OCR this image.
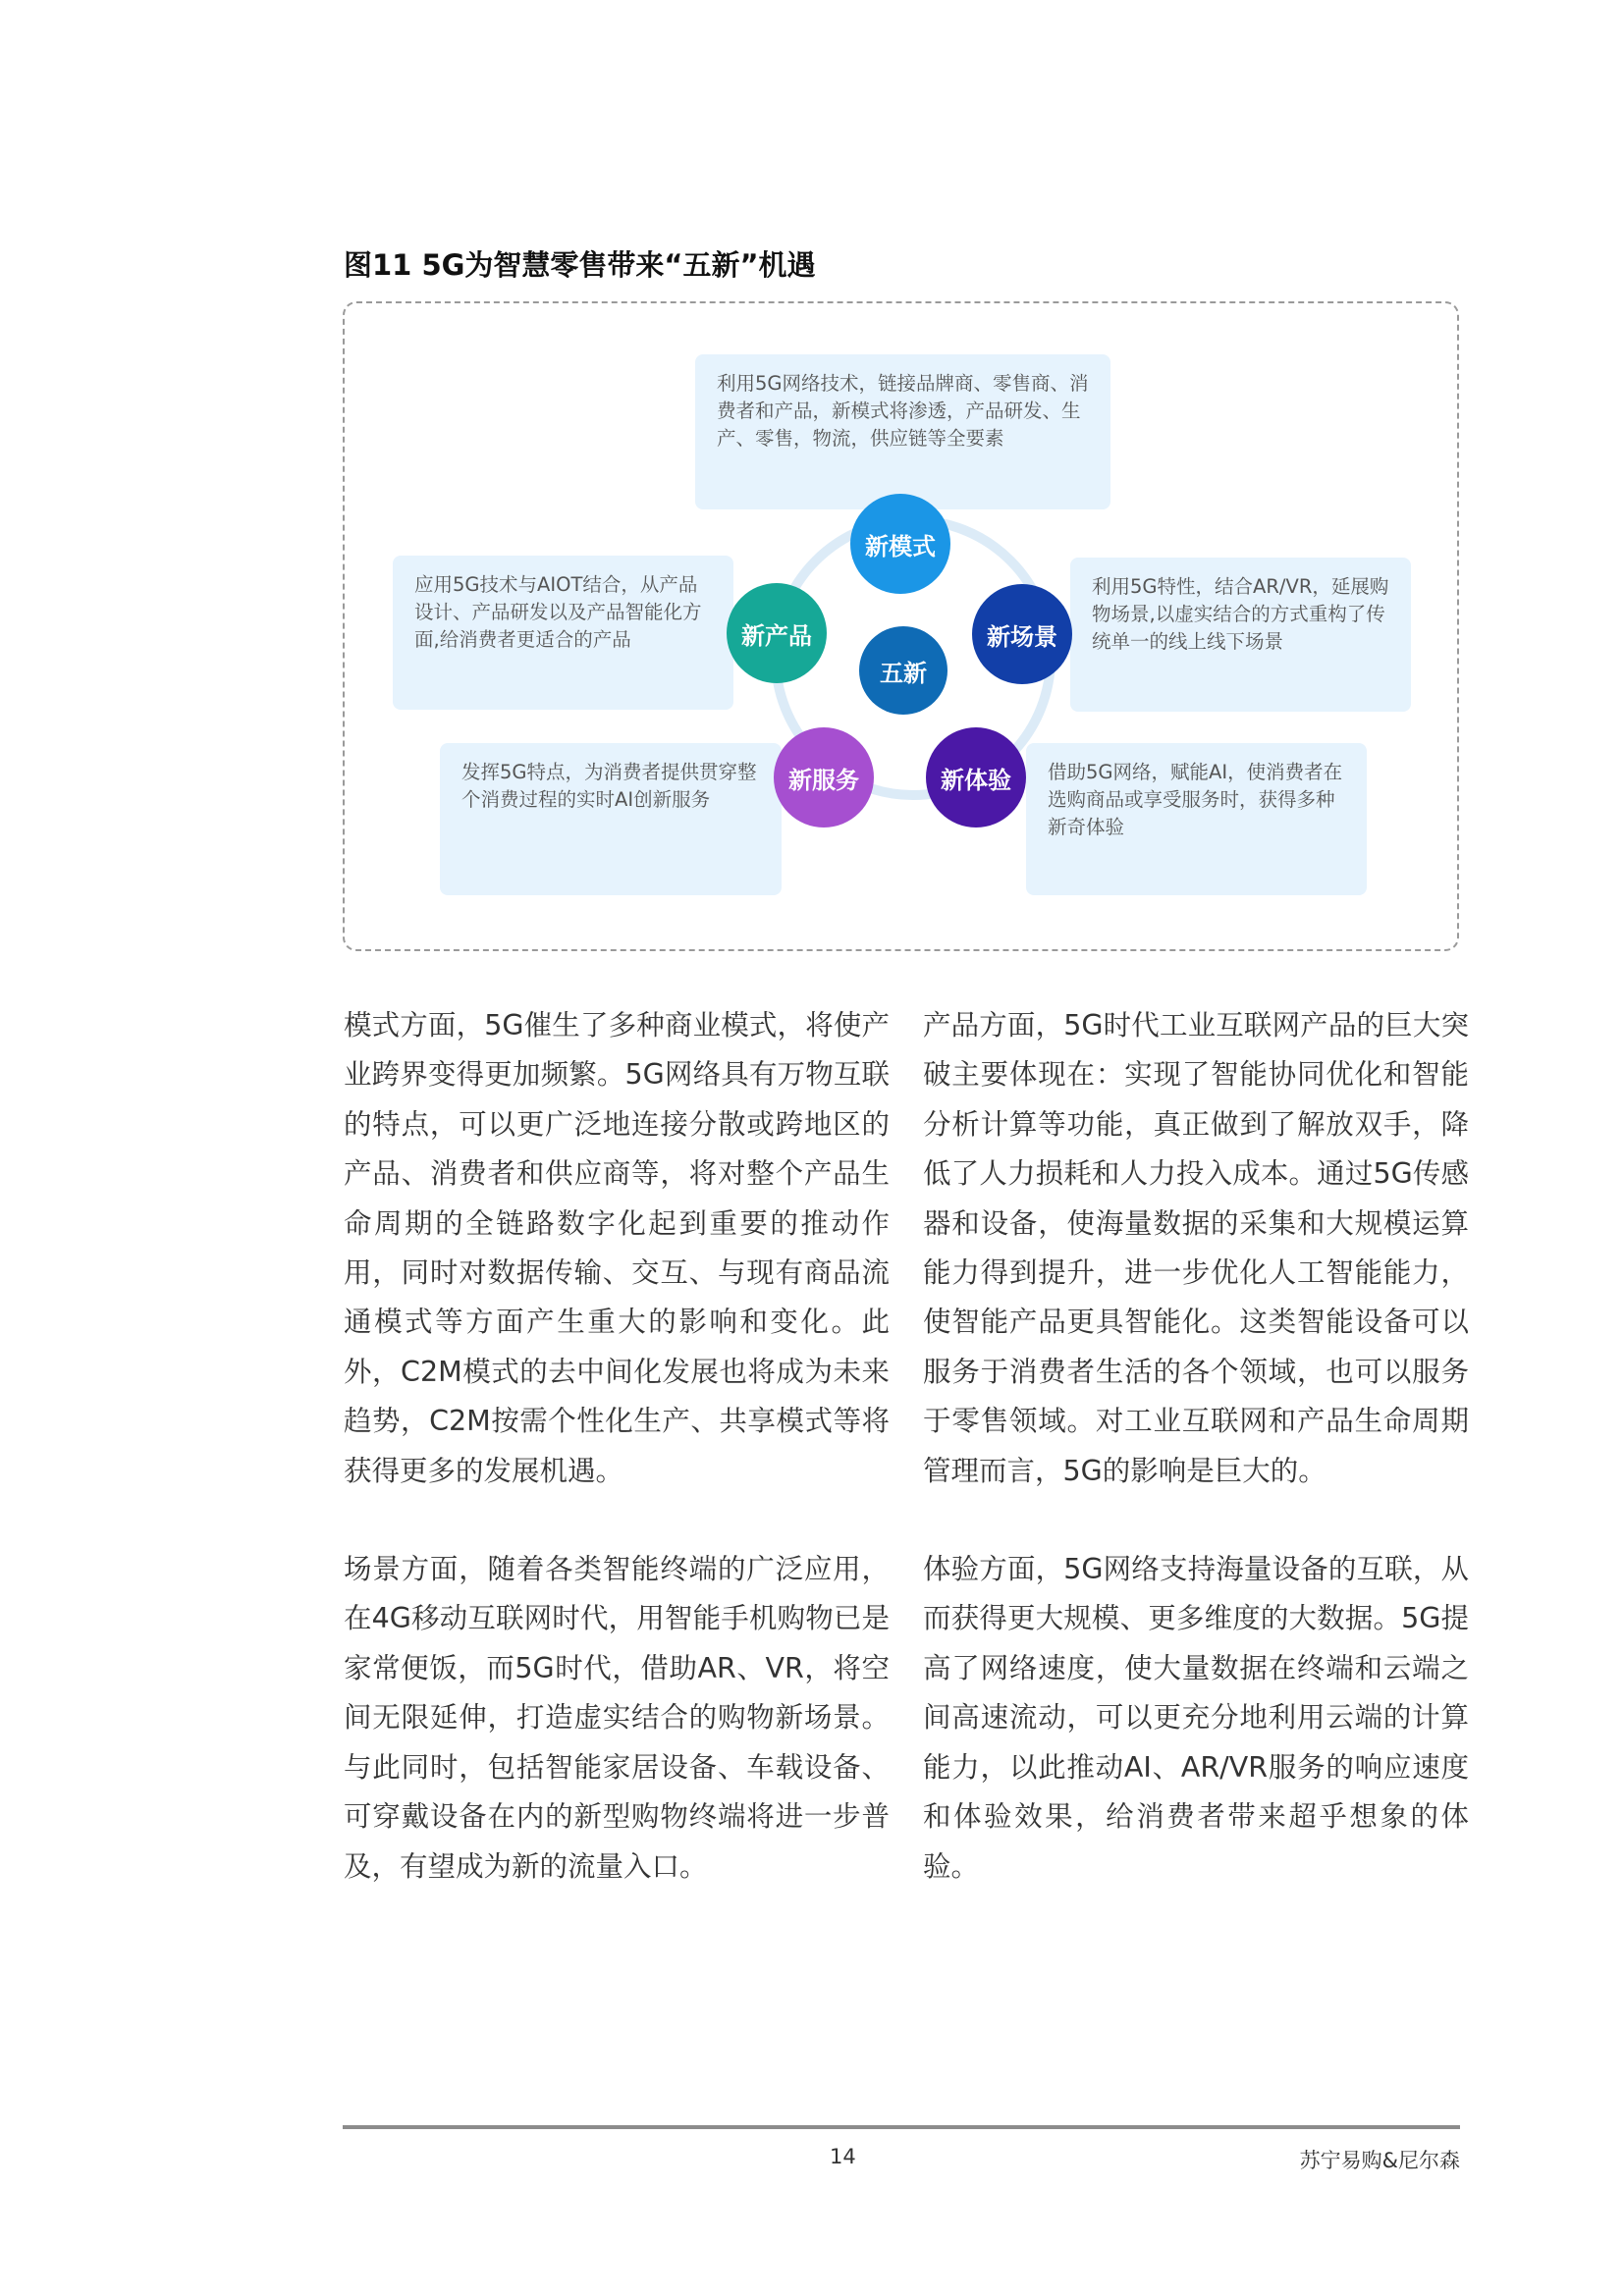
图11 5G为智慧零售带来“五新”机遇
利用5G网络技术，链接品牌商、零售商、消费者和产品，新模式将渗透，产品研发、生产、零售，物流，供应链等全要素
利用5G特性，结合AR/VR，延展购物场景,以虚实结合的方式重构了传统单一的线上线下场景
借助5G网络，赋能AI，使消费者在选购商品或享受服务时，获得多种新奇体验
发挥5G特点，为消费者提供贯穿整个消费过程的实时AI创新服务
应用5G技术与AIOT结合，从产品设计、产品研发以及产品智能化方面,给消费者更适合的产品
新模式
新场景
新体验
新服务
新产品
五新

模式方面，5G催生了多种商业模式，将使产业跨界变得更加频繁。5G网络具有万物互联的特点，可以更广泛地连接分散或跨地区的产品、消费者和供应商等，将对整个产品生命周期的全链路数字化起到重要的推动作用，同时对数据传输、交互、与现有商品流通模式等方面产生重大的影响和变化。此外，C2M模式的去中间化发展也将成为未来趋势，C2M按需个性化生产、共享模式等将获得更多的发展机遇。

场景方面，随着各类智能终端的广泛应用，在4G移动互联网时代，用智能手机购物已是家常便饭，而5G时代，借助AR、VR，将空间无限延伸，打造虚实结合的购物新场景。与此同时，包括智能家居设备、车载设备、可穿戴设备在内的新型购物终端将进一步普及，有望成为新的流量入口。

产品方面，5G时代工业互联网产品的巨大突破主要体现在：实现了智能协同优化和智能分析计算等功能，真正做到了解放双手，降低了人力损耗和人力投入成本。通过5G传感器和设备，使海量数据的采集和大规模运算能力得到提升，进一步优化人工智能能力，使智能产品更具智能化。这类智能设备可以服务于消费者生活的各个领域，也可以服务于零售领域。对工业互联网和产品生命周期管理而言，5G的影响是巨大的。

体验方面，5G网络支持海量设备的互联，从而获得更大规模、更多维度的大数据。5G提高了网络速度，使大量数据在终端和云端之间高速流动，可以更充分地利用云端的计算能力，以此推动AI、AR/VR服务的响应速度和体验效果，给消费者带来超乎想象的体验。

14	苏宁易购&尼尔森
